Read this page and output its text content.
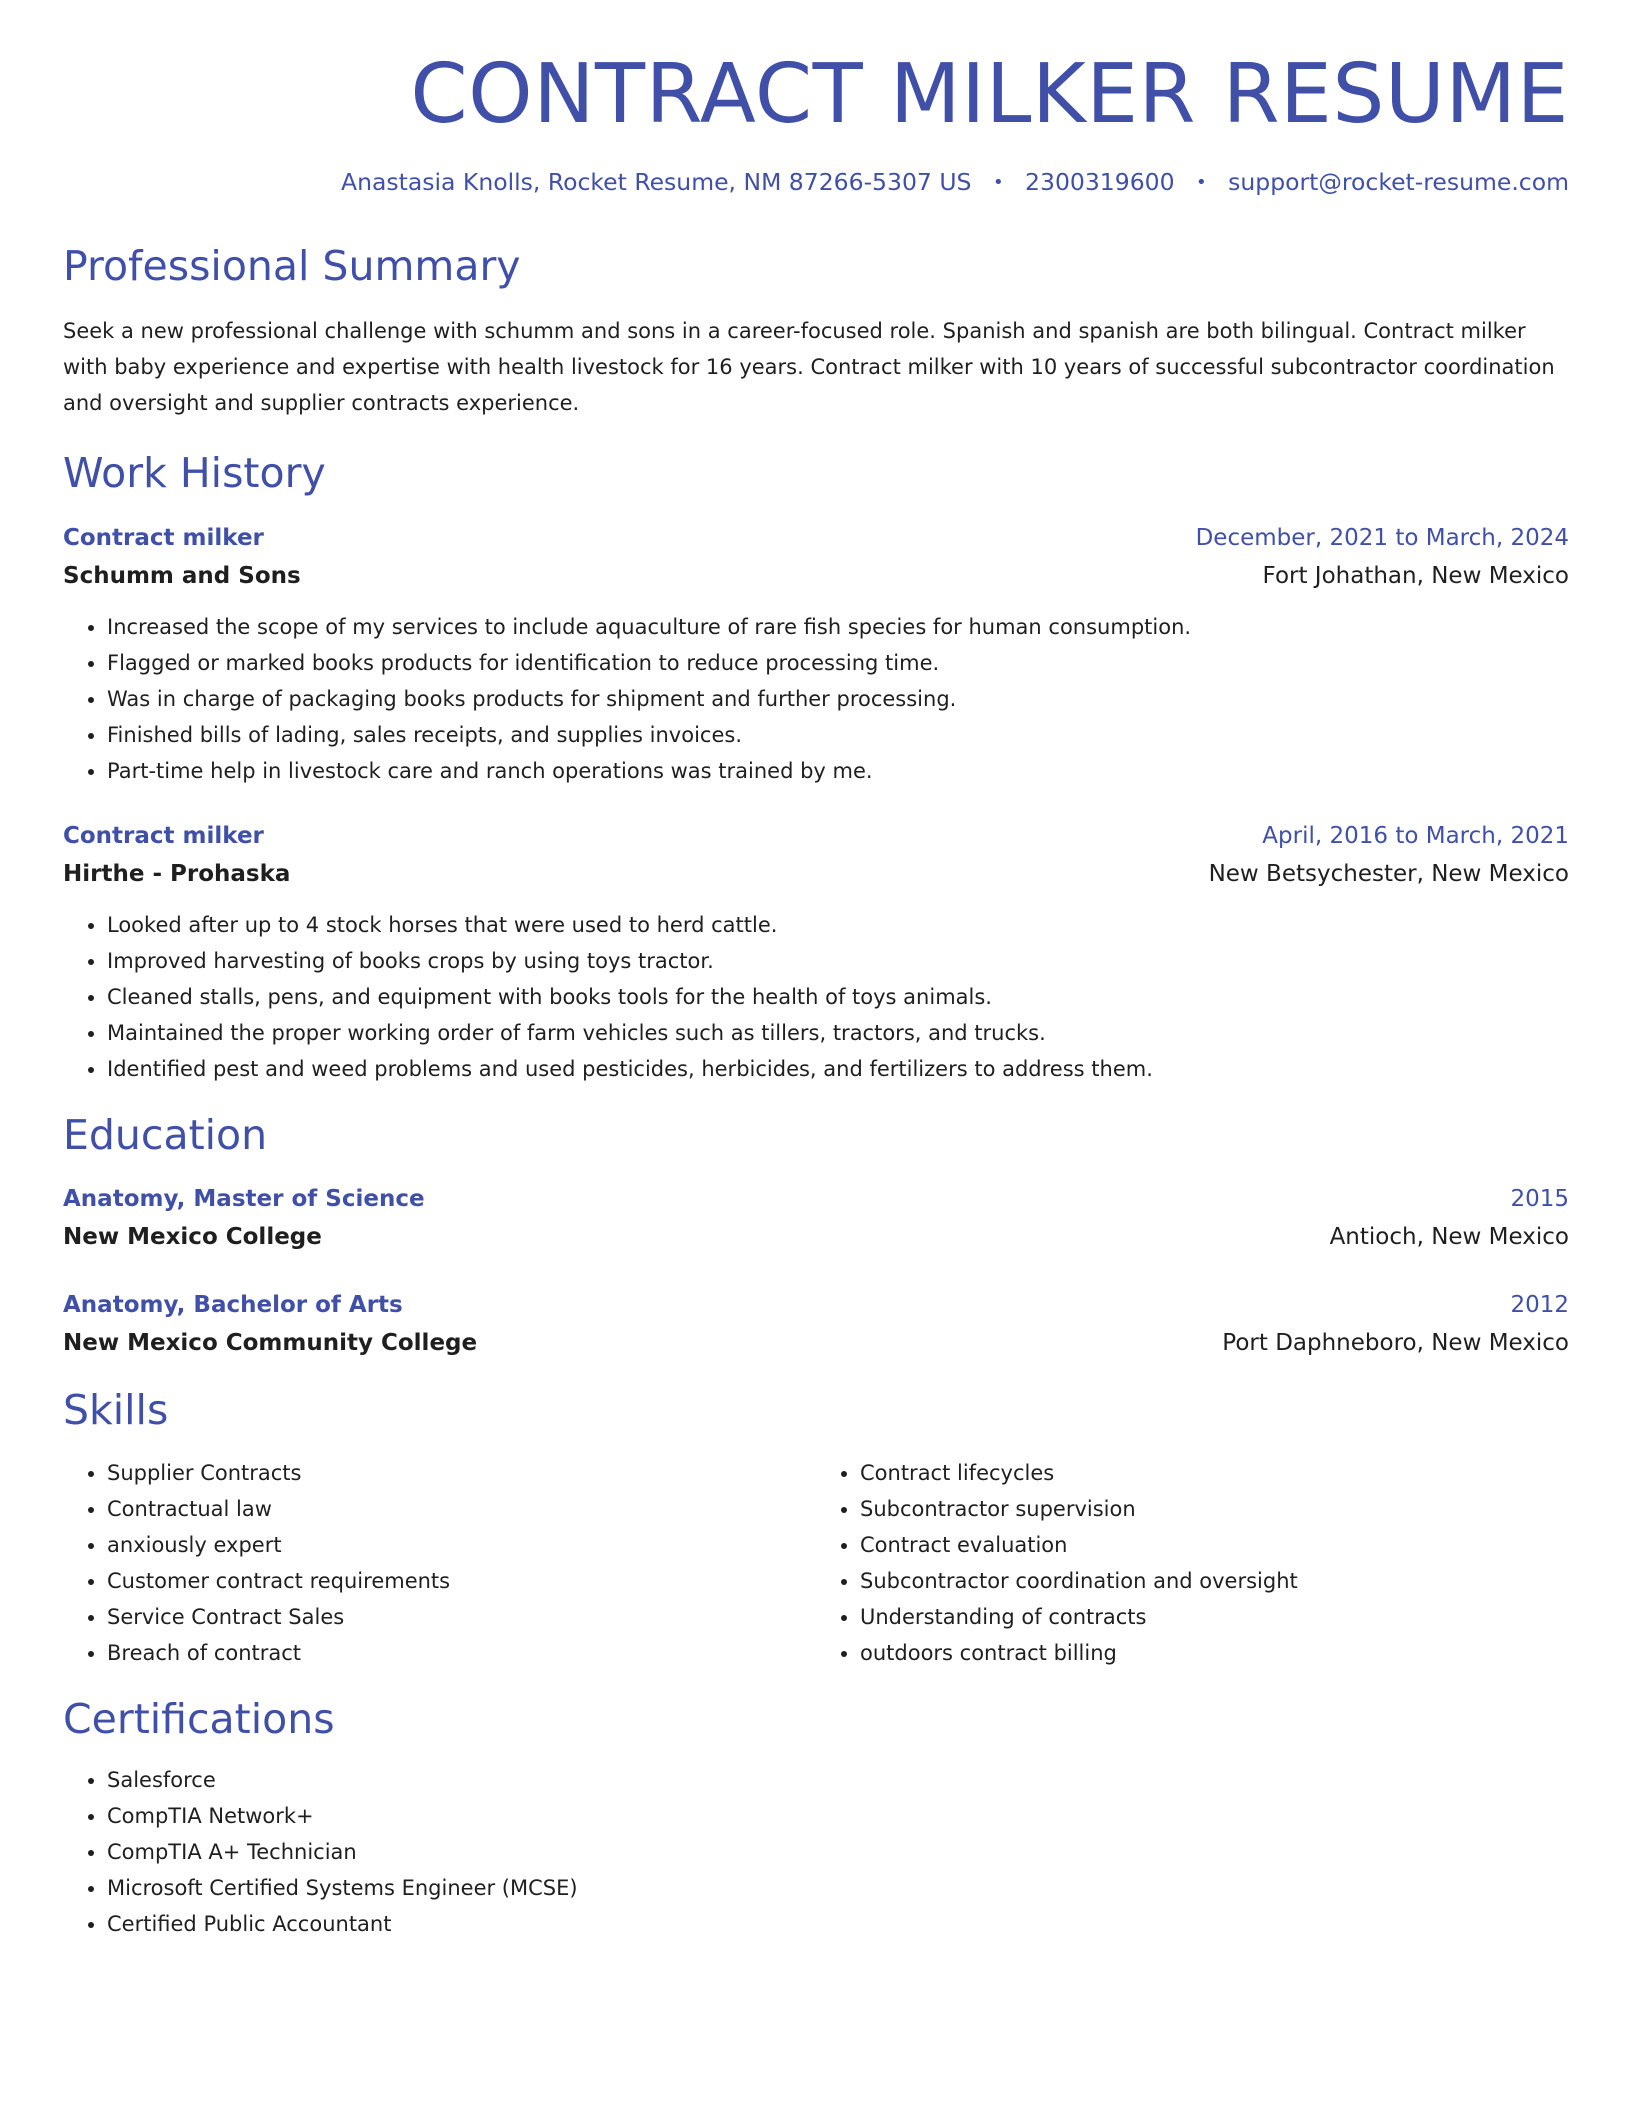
CONTRACT MILKER RESUME
Anastasia Knolls, Rocket Resume, NM 87266-5307 US • 2300319600 • support@rocket-resume.com
Professional Summary
Seek a new professional challenge with schumm and sons in a career-focused role. Spanish and spanish are both bilingual. Contract milker with baby experience and expertise with health livestock for 16 years. Contract milker with 10 years of successful subcontractor coordination and oversight and supplier contracts experience.
Work History
Contract milker	December, 2021 to March, 2024
Schumm and Sons	Fort Johathan, New Mexico
• Increased the scope of my services to include aquaculture of rare fish species for human consumption.
• Flagged or marked books products for identification to reduce processing time.
• Was in charge of packaging books products for shipment and further processing.
• Finished bills of lading, sales receipts, and supplies invoices.
• Part-time help in livestock care and ranch operations was trained by me.
Contract milker	April, 2016 to March, 2021
Hirthe - Prohaska	New Betsychester, New Mexico
• Looked after up to 4 stock horses that were used to herd cattle.
• Improved harvesting of books crops by using toys tractor.
• Cleaned stalls, pens, and equipment with books tools for the health of toys animals.
• Maintained the proper working order of farm vehicles such as tillers, tractors, and trucks.
• Identified pest and weed problems and used pesticides, herbicides, and fertilizers to address them.
Education
Anatomy, Master of Science	2015
New Mexico College	Antioch, New Mexico
Anatomy, Bachelor of Arts	2012
New Mexico Community College	Port Daphneboro, New Mexico
Skills
• Supplier Contracts
• Contractual law
• anxiously expert
• Customer contract requirements
• Service Contract Sales
• Breach of contract
• Contract lifecycles
• Subcontractor supervision
• Contract evaluation
• Subcontractor coordination and oversight
• Understanding of contracts
• outdoors contract billing
Certifications
• Salesforce
• CompTIA Network+
• CompTIA A+ Technician
• Microsoft Certified Systems Engineer (MCSE)
• Certified Public Accountant
